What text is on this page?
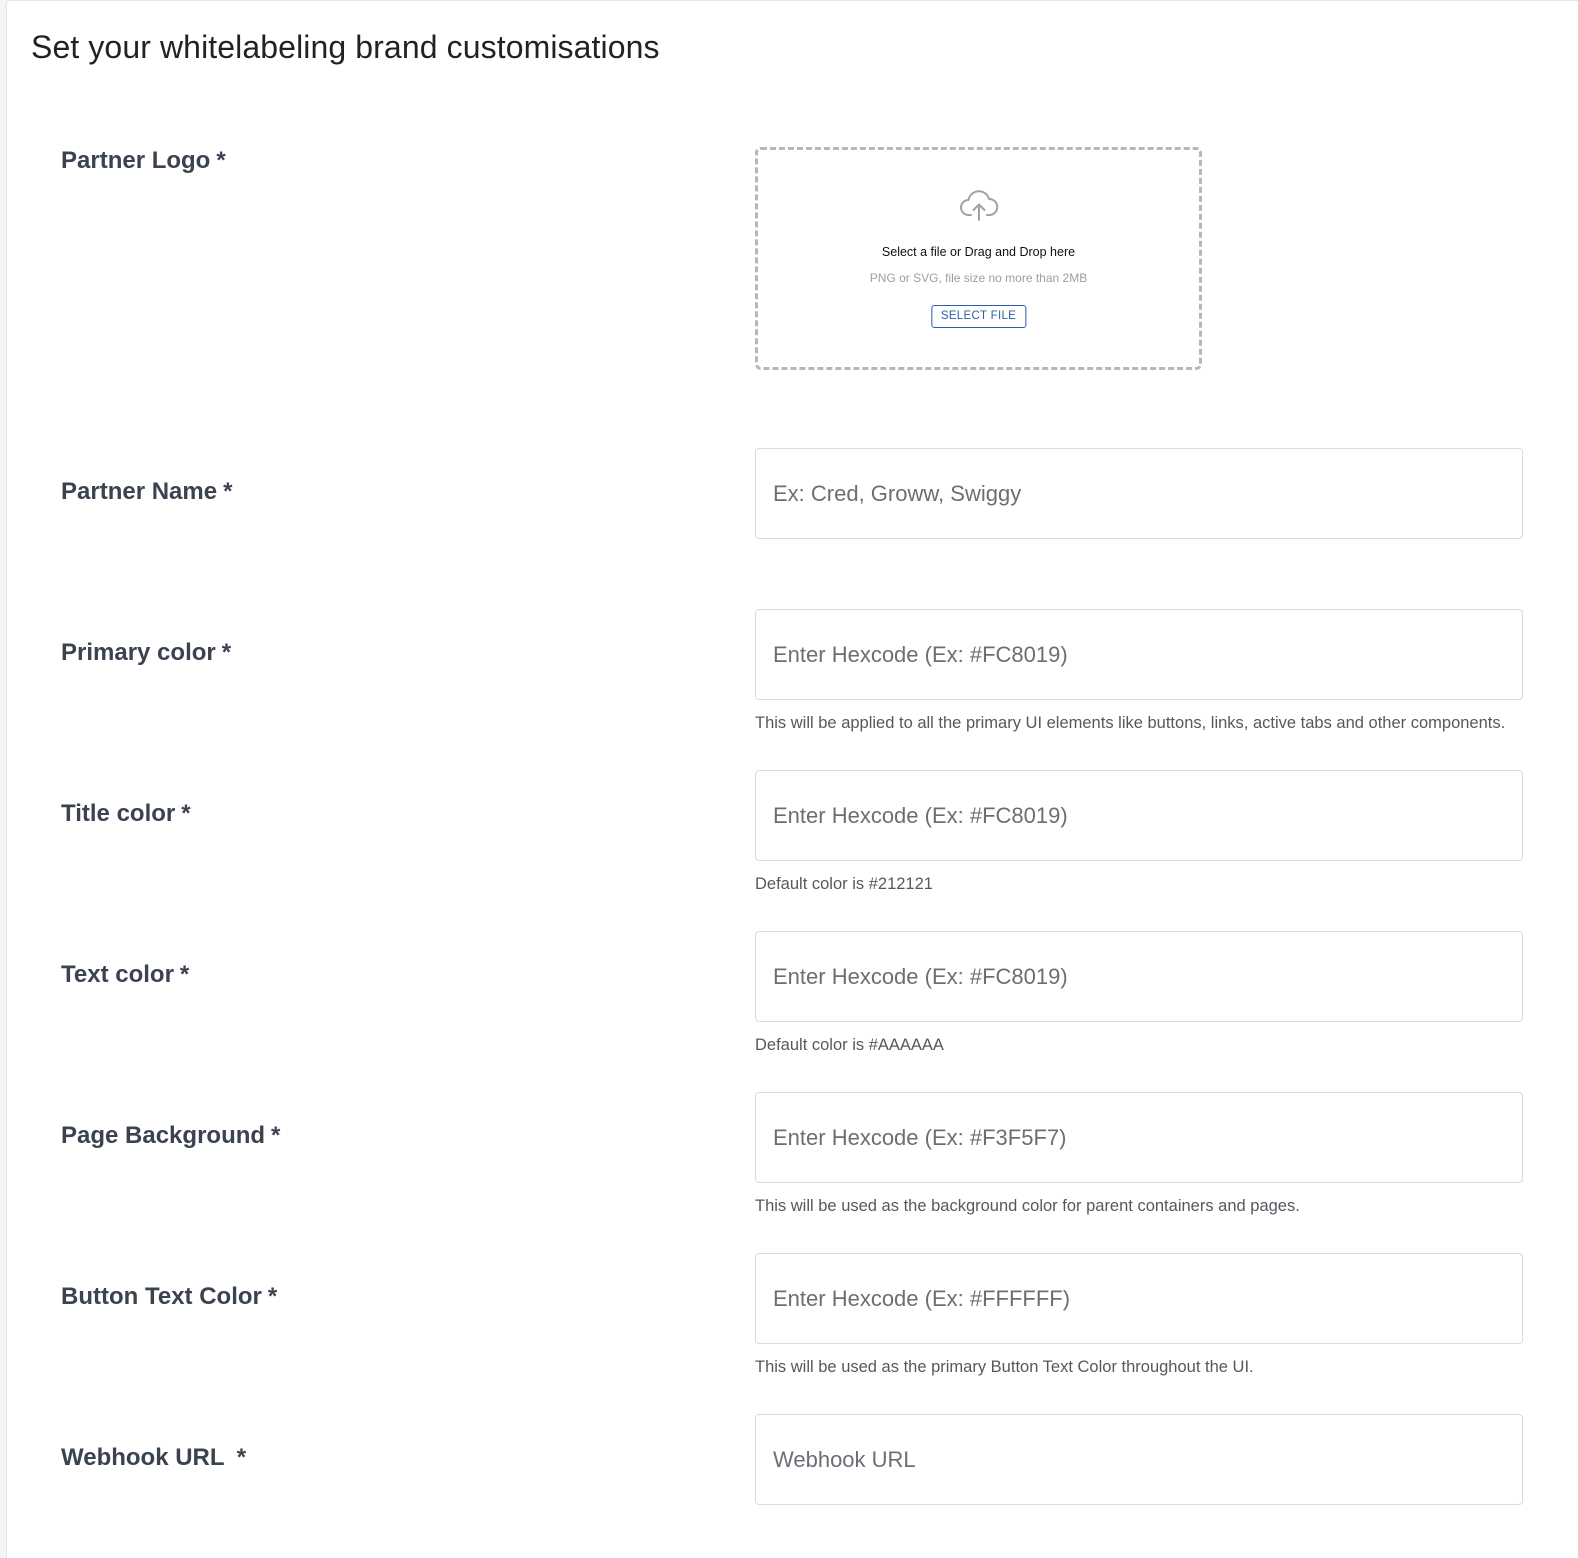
Set your whitelabeling brand customisations
Partner Logo *
Select a file or Drag and Drop here
PNG or SVG, file size no more than 2MB
SELECT FILE
Partner Name *
Ex: Cred, Groww, Swiggy
Primary color *
Enter Hexcode (Ex: #FC8019)
This will be applied to all the primary UI elements like buttons, links, active tabs and other components.
Title color *
Enter Hexcode (Ex: #FC8019)
Default color is #212121
Text color *
Enter Hexcode (Ex: #FC8019)
Default color is #AAAAAA
Page Background *
Enter Hexcode (Ex: #F3F5F7)
This will be used as the background color for parent containers and pages.
Button Text Color *
Enter Hexcode (Ex: #FFFFFF)
This will be used as the primary Button Text Color throughout the UI.
Webhook URL *
Webhook URL
